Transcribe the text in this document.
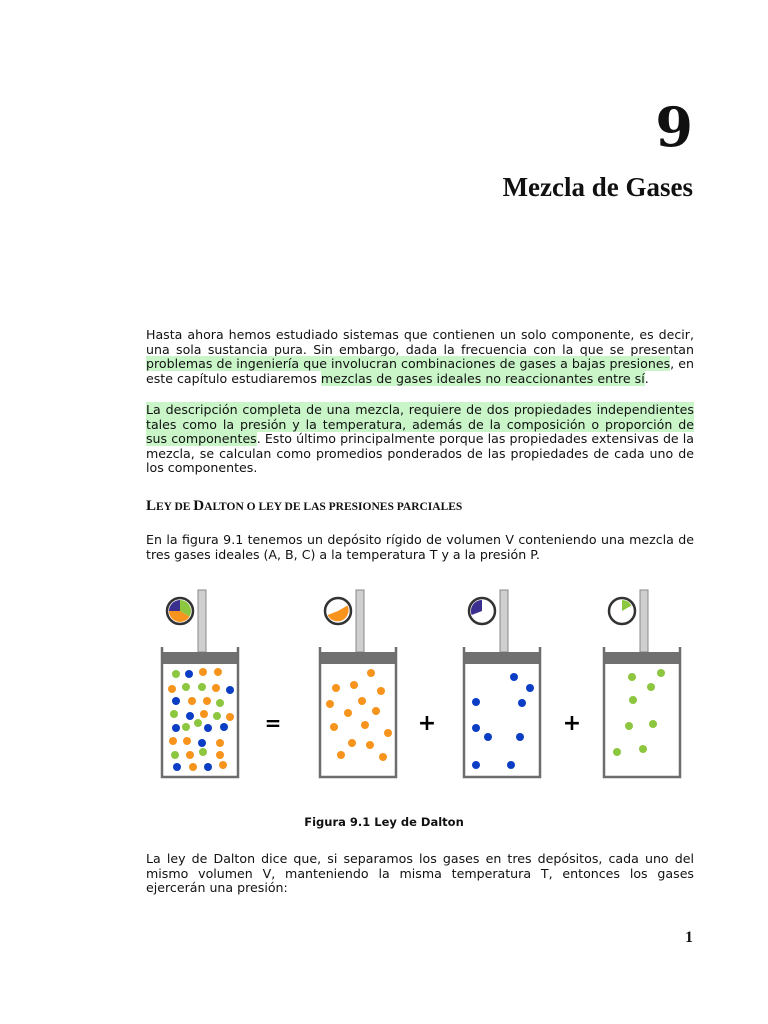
9
Mezcla de Gases
Hasta ahora hemos estudiado sistemas que contienen un solo componente, es decir, una sola sustancia pura. Sin embargo, dada la frecuencia con la que se presentan problemas de ingeniería que involucran combinaciones de gases a bajas presiones, en este capítulo estudiaremos mezclas de gases ideales no reaccionantes entre sí.
La descripción completa de una mezcla, requiere de dos propiedades independientes tales como la presión y la temperatura, además de la composición o proporción de sus componentes. Esto último principalmente porque las propiedades extensivas de la mezcla, se calculan como promedios ponderados de las propiedades de cada uno de los componentes.
LEY DE DALTON O LEY DE LAS PRESIONES PARCIALES
En la figura 9.1 tenemos un depósito rígido de volumen V conteniendo una mezcla de tres gases ideales (A, B, C) a la temperatura T y a la presión P.
=	+	+
Figura 9.1 Ley de Dalton
La ley de Dalton dice que, si separamos los gases en tres depósitos, cada uno del mismo volumen V, manteniendo la misma temperatura T, entonces los gases ejercerán una presión:
1
